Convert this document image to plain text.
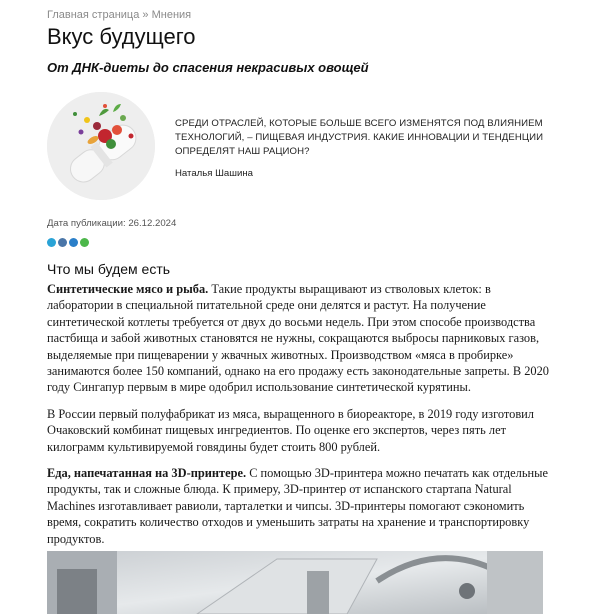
Главная страница » Мнения
Вкус будущего
От ДНК-диеты до спасения некрасивых овощей
СРЕДИ ОТРАСЛЕЙ, КОТОРЫЕ БОЛЬШЕ ВСЕГО ИЗМЕНЯТСЯ ПОД ВЛИЯНИЕМ ТЕХНОЛОГИЙ, – ПИЩЕВАЯ ИНДУСТРИЯ. КАКИЕ ИННОВАЦИИ И ТЕНДЕНЦИИ ОПРЕДЕЛЯТ НАШ РАЦИОН?
Наталья Шашина
Дата публикации: 26.12.2024
Что мы будем есть

Синтетические мясо и рыба. Такие продукты выращивают из стволовых клеток: в лаборатории в специальной питательной среде они делятся и растут. На получение синтетической котлеты требуется от двух до восьми недель. При этом способе производства пастбища и забой животных становятся не нужны, сокращаются выбросы парниковых газов, выделяемые при пищеварении у жвачных животных. Производством «мяса в пробирке» занимаются более 150 компаний, однако на его продажу есть законодательные запреты. В 2020 году Сингапур первым в мире одобрил использование синтетической курятины.

В России первый полуфабрикат из мяса, выращенного в биореакторе, в 2019 году изготовил Очаковский комбинат пищевых ингредиентов. По оценке его экспертов, через пять лет килограмм культивируемой говядины будет стоить 800 рублей.

Еда, напечатанная на 3D-принтере. С помощью 3D-принтера можно печатать как отдельные продукты, так и сложные блюда. К примеру, 3D-принтер от испанского стартапа Natural Machines изготавливает равиоли, тарталетки и чипсы. 3D-принтеры помогают сэкономить время, сократить количество отходов и уменьшить затраты на хранение и транспортировку продуктов.
